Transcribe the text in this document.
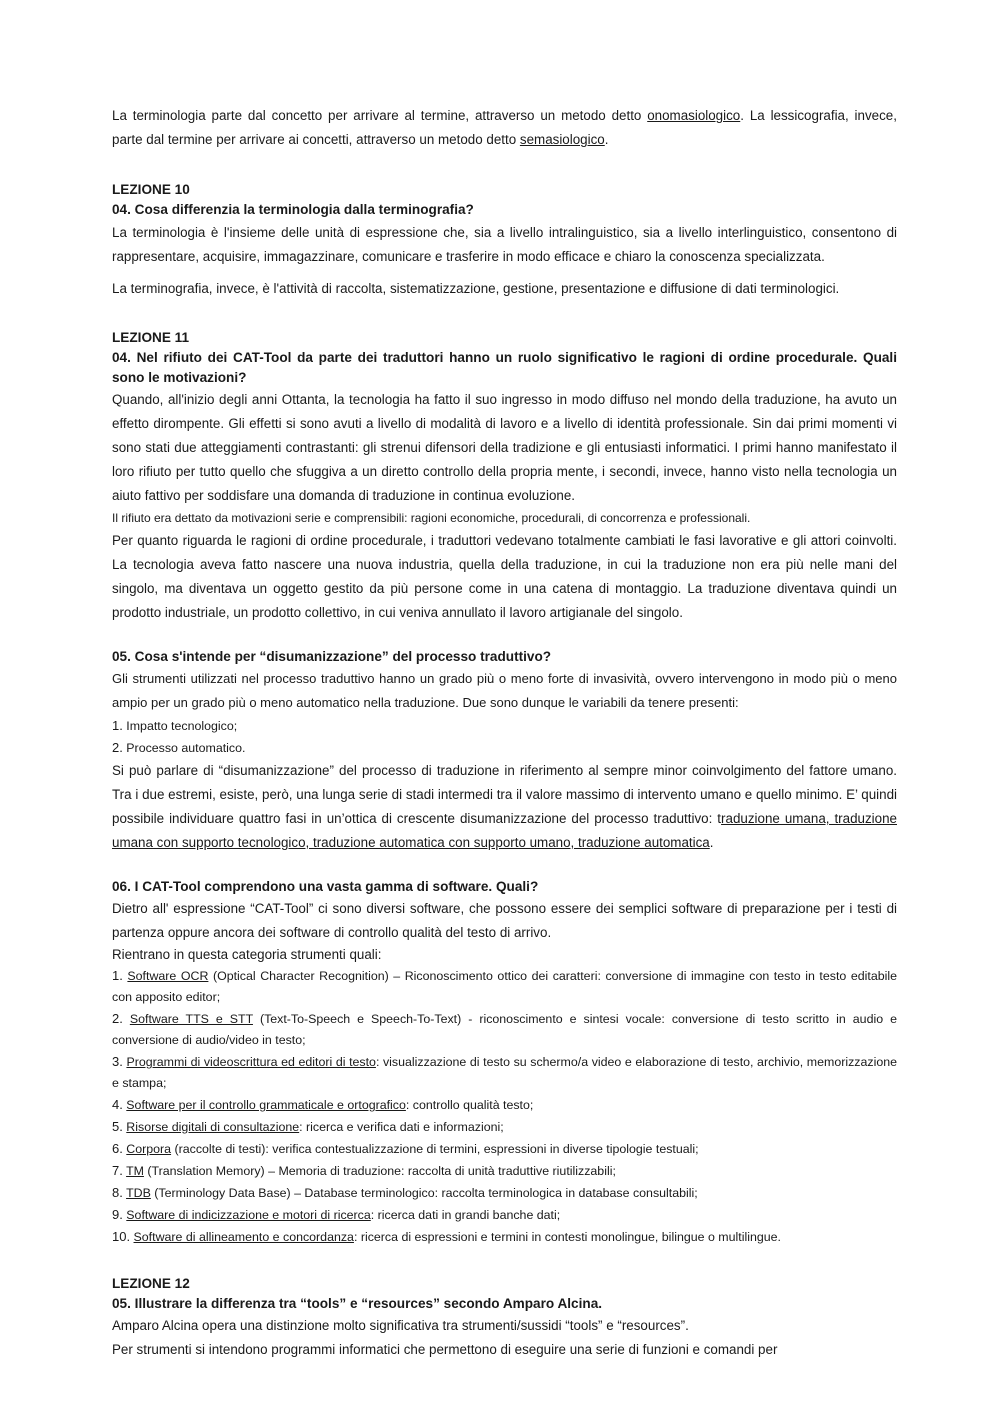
La terminologia parte dal concetto per arrivare al termine, attraverso un metodo detto onomasiologico. La lessicografia, invece, parte dal termine per arrivare ai concetti, attraverso un metodo detto semasiologico.

LEZIONE 10

04. Cosa differenzia la terminologia dalla terminografia?

La terminologia è l'insieme delle unità di espressione che, sia a livello intralinguistico, sia a livello interlinguistico, consentono di rappresentare, acquisire, immagazzinare, comunicare e trasferire in modo efficace e chiaro la conoscenza specializzata.

La terminografia, invece, è l'attività di raccolta, sistematizzazione, gestione, presentazione e diffusione di dati terminologici.

LEZIONE 11

04. Nel rifiuto dei CAT-Tool da parte dei traduttori hanno un ruolo significativo le ragioni di ordine procedurale. Quali sono le motivazioni?

Quando, all'inizio degli anni Ottanta, la tecnologia ha fatto il suo ingresso in modo diffuso nel mondo della traduzione, ha avuto un effetto dirompente. Gli effetti si sono avuti a livello di modalità di lavoro e a livello di identità professionale. Sin dai primi momenti vi sono stati due atteggiamenti contrastanti: gli strenui difensori della tradizione e gli entusiasti informatici. I primi hanno manifestato il loro rifiuto per tutto quello che sfuggiva a un diretto controllo della propria mente, i secondi, invece, hanno visto nella tecnologia un aiuto fattivo per soddisfare una domanda di traduzione in continua evoluzione.

Il rifiuto era dettato da motivazioni serie e comprensibili: ragioni economiche, procedurali, di concorrenza e professionali.

Per quanto riguarda le ragioni di ordine procedurale, i traduttori vedevano totalmente cambiati le fasi lavorative e gli attori coinvolti. La tecnologia aveva fatto nascere una nuova industria, quella della traduzione, in cui la traduzione non era più nelle mani del singolo, ma diventava un oggetto gestito da più persone come in una catena di montaggio. La traduzione diventava quindi un prodotto industriale, un prodotto collettivo, in cui veniva annullato il lavoro artigianale del singolo.

05. Cosa s'intende per “disumanizzazione” del processo traduttivo?

Gli strumenti utilizzati nel processo traduttivo hanno un grado più o meno forte di invasività, ovvero intervengono in modo più o meno ampio per un grado più o meno automatico nella traduzione. Due sono dunque le variabili da tenere presenti:

1. Impatto tecnologico;

2. Processo automatico.

Si può parlare di “disumanizzazione” del processo di traduzione in riferimento al sempre minor coinvolgimento del fattore umano. Tra i due estremi, esiste, però, una lunga serie di stadi intermedi tra il valore massimo di intervento umano e quello minimo. E’ quindi possibile individuare quattro fasi in un’ottica di crescente disumanizzazione del processo traduttivo: traduzione umana, traduzione umana con supporto tecnologico, traduzione automatica con supporto umano, traduzione automatica.

06. I CAT-Tool comprendono una vasta gamma di software. Quali?

Dietro all' espressione “CAT-Tool” ci sono diversi software, che possono essere dei semplici software di preparazione per i testi di partenza oppure ancora dei software di controllo qualità del testo di arrivo.

Rientrano in questa categoria strumenti quali:

1. Software OCR (Optical Character Recognition) – Riconoscimento ottico dei caratteri: conversione di immagine con testo in testo editabile con apposito editor;

2. Software TTS e STT (Text-To-Speech e Speech-To-Text) - riconoscimento e sintesi vocale: conversione di testo scritto in audio e conversione di audio/video in testo;

3. Programmi di videoscrittura ed editori di testo: visualizzazione di testo su schermo/a video e elaborazione di testo, archivio, memorizzazione e stampa;

4. Software per il controllo grammaticale e ortografico: controllo qualità testo;

5. Risorse digitali di consultazione: ricerca e verifica dati e informazioni;

6. Corpora (raccolte di testi): verifica contestualizzazione di termini, espressioni in diverse tipologie testuali;

7. TM (Translation Memory) – Memoria di traduzione: raccolta di unità traduttive riutilizzabili;

8. TDB (Terminology Data Base) – Database terminologico: raccolta terminologica in database consultabili;

9. Software di indicizzazione e motori di ricerca: ricerca dati in grandi banche dati;

10. Software di allineamento e concordanza: ricerca di espressioni e termini in contesti monolingue, bilingue o multilingue.

LEZIONE 12

05. Illustrare la differenza tra “tools” e “resources” secondo Amparo Alcina.

Amparo Alcina opera una distinzione molto significativa tra strumenti/sussidi “tools” e “resources”.

Per strumenti si intendono programmi informatici che permettono di eseguire una serie di funzioni e comandi per
